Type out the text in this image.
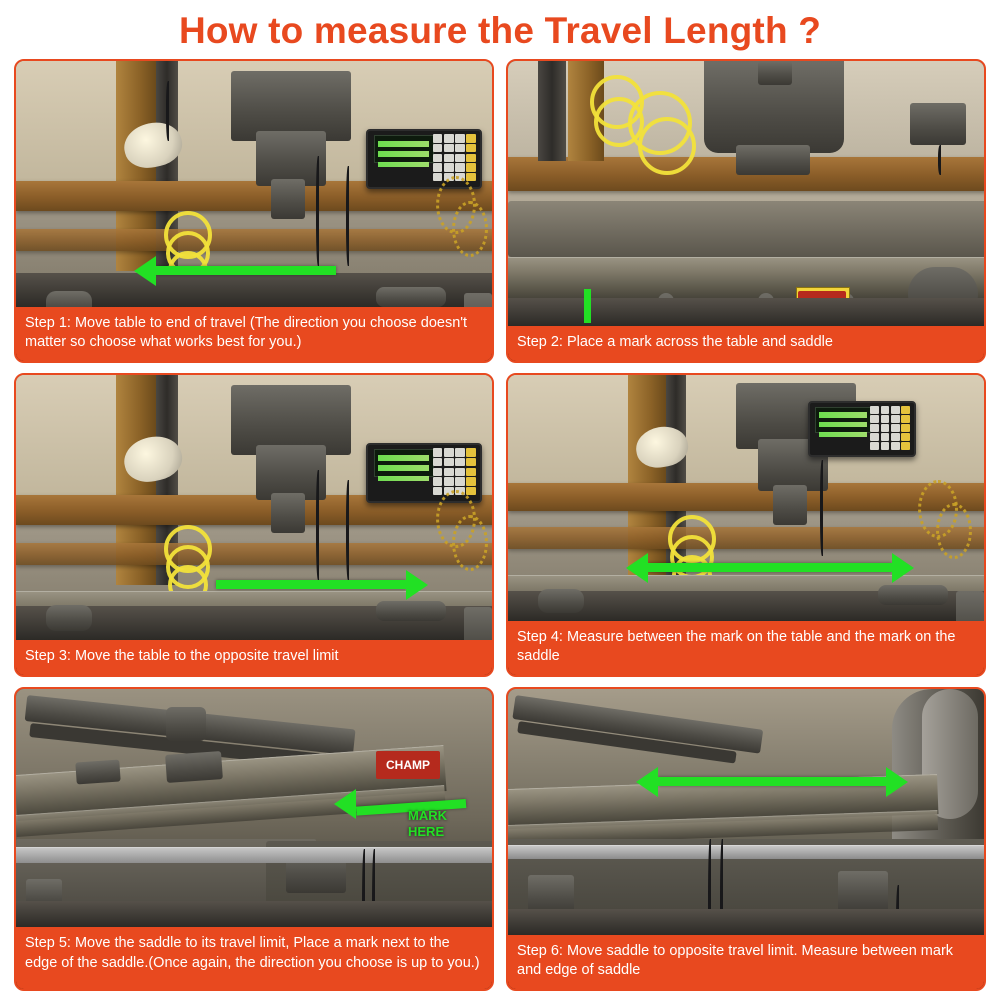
How to measure the Travel Length ?
Step 1: Move table to end of travel (The direction you choose doesn't matter so choose what works best for you.)	Step 2: Place a mark across the table and saddle
Step 3: Move the table to the opposite travel limit
Step 4: Measure between the mark on the table and the mark on the saddle
CHAMP
MARK
HERE
Step 5: Move the saddle to its travel limit, Place a mark next to the edge of the saddle.(Once again, the direction you choose is up to you.)
Step 6: Move saddle to opposite travel limit. Measure between mark and edge of saddle
